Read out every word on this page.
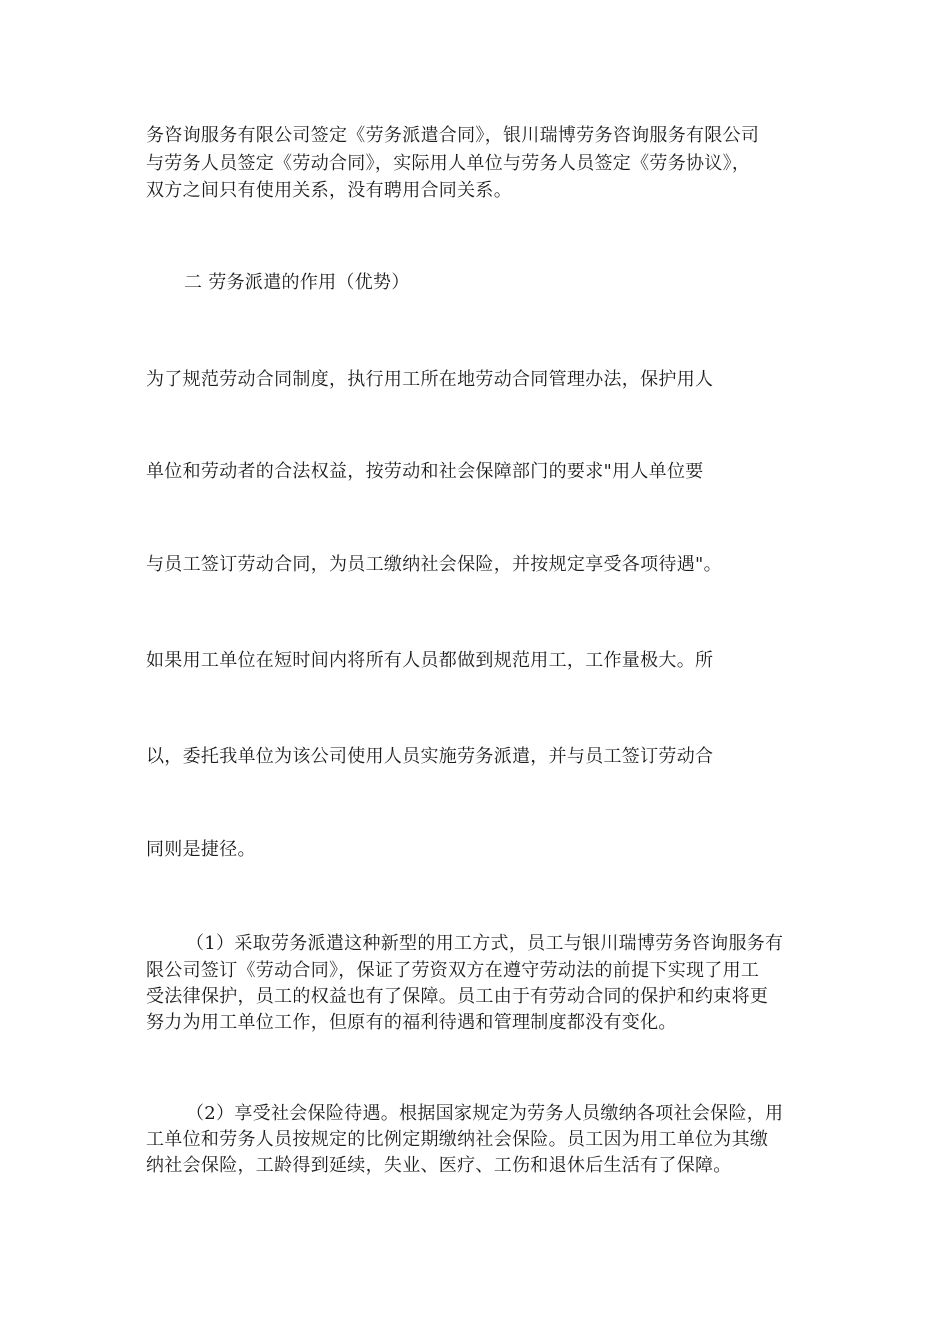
务咨询服务有限公司签定《劳务派遣合同》，银川瑞博劳务咨询服务有限公司
与劳务人员签定《劳动合同》，实际用人单位与劳务人员签定《劳务协议》，
双方之间只有使用关系，没有聘用合同关系。
二 劳务派遣的作用（优势）
为了规范劳动合同制度，执行用工所在地劳动合同管理办法，保护用人
单位和劳动者的合法权益，按劳动和社会保障部门的要求"用人单位要
与员工签订劳动合同，为员工缴纳社会保险，并按规定享受各项待遇"。
如果用工单位在短时间内将所有人员都做到规范用工，工作量极大。所
以，委托我单位为该公司使用人员实施劳务派遣，并与员工签订劳动合
同则是捷径。
（1）采取劳务派遣这种新型的用工方式，员工与银川瑞博劳务咨询服务有
限公司签订《劳动合同》，保证了劳资双方在遵守劳动法的前提下实现了用工
受法律保护，员工的权益也有了保障。员工由于有劳动合同的保护和约束将更
努力为用工单位工作，但原有的福利待遇和管理制度都没有变化。
（2）享受社会保险待遇。根据国家规定为劳务人员缴纳各项社会保险，用
工单位和劳务人员按规定的比例定期缴纳社会保险。员工因为用工单位为其缴
纳社会保险，工龄得到延续，失业、医疗、工伤和退休后生活有了保障。
